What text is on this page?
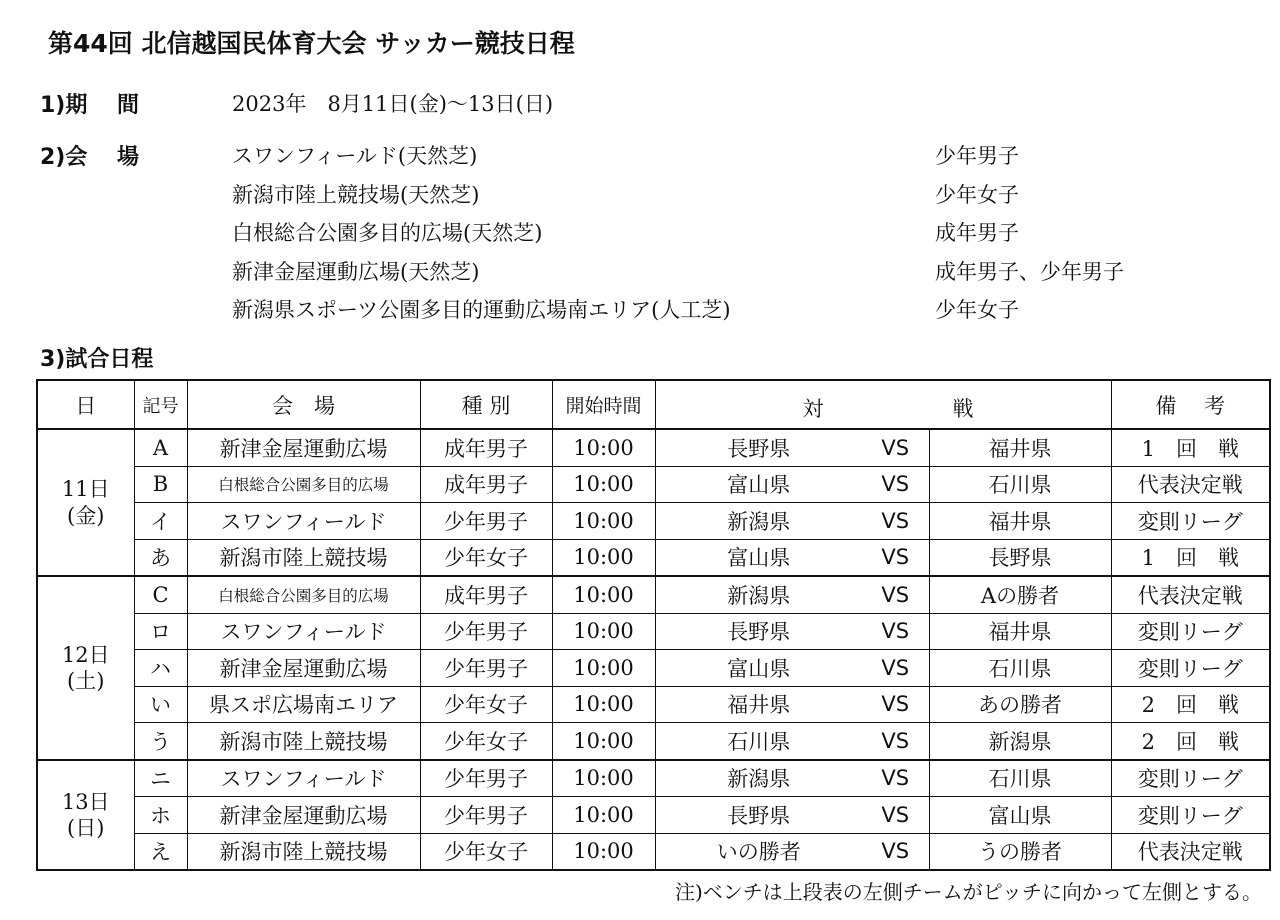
第44回 北信越国民体育大会 サッカー競技日程
1)期　 間	2023年　8月11日(金)〜13日(日)
2)会　 場	スワンフィールド(天然芝)	少年男子
新潟市陸上競技場(天然芝)	少年女子
白根総合公園多目的広場(天然芝)	成年男子
新津金屋運動広場(天然芝)	成年男子、少年男子
新潟県スポーツ公園多目的運動広場南エリア(人工芝)	少年女子
3)試合日程
日	記号	会　場	種 別	開始時間	対 戦			備　 考

11日
(金)	A	新津金屋運動広場	成年男子	10:00	長野県	VS	福井県	1　回　戦
	B	白根総合公園多目的広場	成年男子	10:00	富山県	VS	石川県	代表決定戦
	イ	スワンフィールド	少年男子	10:00	新潟県	VS	福井県	変則リーグ
	あ	新潟市陸上競技場	少年女子	10:00	富山県	VS	長野県	1　回　戦

12日
(土)	C	白根総合公園多目的広場	成年男子	10:00	新潟県	VS	Aの勝者	代表決定戦
	ロ	スワンフィールド	少年男子	10:00	長野県	VS	福井県	変則リーグ
	ハ	新津金屋運動広場	少年男子	10:00	富山県	VS	石川県	変則リーグ
	い	県スポ広場南エリア	少年女子	10:00	福井県	VS	あの勝者	2　回　戦
	う	新潟市陸上競技場	少年女子	10:00	石川県	VS	新潟県	2　回　戦

13日
(日)	ニ	スワンフィールド	少年男子	10:00	新潟県	VS	石川県	変則リーグ
	ホ	新津金屋運動広場	少年男子	10:00	長野県	VS	富山県	変則リーグ
	え	新潟市陸上競技場	少年女子	10:00	いの勝者	VS	うの勝者	代表決定戦
注)ベンチは上段表の左側チームがピッチに向かって左側とする。
